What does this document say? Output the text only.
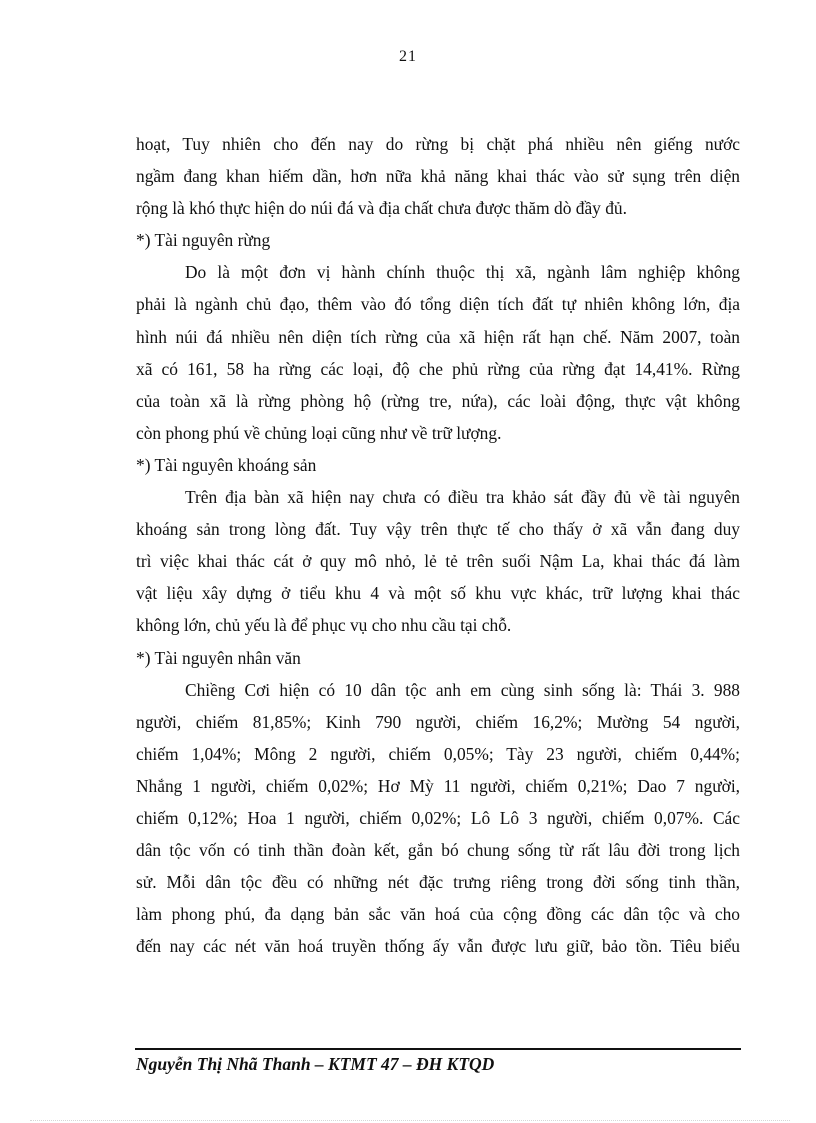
21
hoạt, Tuy nhiên cho đến nay do rừng bị chặt phá nhiều nên giếng nước
ngầm đang khan hiếm dần, hơn nữa khả năng khai thác vào sử sụng trên diện
rộng là khó thực hiện do núi đá và địa chất chưa được thăm dò đầy đủ.
*) Tài nguyên rừng
Do là một đơn vị hành chính thuộc thị xã, ngành lâm nghiệp không
phải là ngành chủ đạo, thêm vào đó tổng diện tích đất tự nhiên không lớn, địa
hình núi đá nhiều nên diện tích rừng của xã hiện rất hạn chế. Năm 2007, toàn
xã có 161, 58 ha rừng các loại, độ che phủ rừng của rừng đạt 14,41%. Rừng
của toàn xã là rừng phòng hộ (rừng tre, nứa), các loài động, thực vật không
còn phong phú về chủng loại cũng như về trữ lượng.
*) Tài nguyên khoáng sản
Trên địa bàn xã hiện nay chưa có điều tra khảo sát đầy đủ về tài nguyên
khoáng sản trong lòng đất. Tuy vậy trên thực tế cho thấy ở xã vẫn đang duy
trì việc khai thác cát ở quy mô nhỏ, lẻ tẻ trên suối Nậm La, khai thác đá làm
vật liệu xây dựng ở tiểu khu 4 và một số khu vực khác, trữ lượng khai thác
không lớn, chủ yếu là để phục vụ cho nhu cầu tại chỗ.
*) Tài nguyên nhân văn
Chiềng Cơi hiện có 10 dân tộc anh em cùng sinh sống là: Thái 3. 988
người, chiếm 81,85%; Kinh 790 người, chiếm 16,2%; Mường 54 người,
chiếm 1,04%; Mông 2 người, chiếm 0,05%; Tày 23 người, chiếm 0,44%;
Nhắng 1 người, chiếm 0,02%; Hơ Mỳ 11 người, chiếm 0,21%; Dao 7 người,
chiếm 0,12%; Hoa 1 người, chiếm 0,02%; Lô Lô 3 người, chiếm 0,07%. Các
dân tộc vốn có tinh thần đoàn kết, gắn bó chung sống từ rất lâu đời trong lịch
sử. Mỗi dân tộc đều có những nét đặc trưng riêng trong đời sống tinh thần,
làm phong phú, đa dạng bản sắc văn hoá của cộng đồng các dân tộc và cho
đến nay các nét văn hoá truyền thống ấy vẫn được lưu giữ, bảo tồn. Tiêu biểu
Nguyễn Thị Nhã Thanh – KTMT 47 – ĐH KTQD
